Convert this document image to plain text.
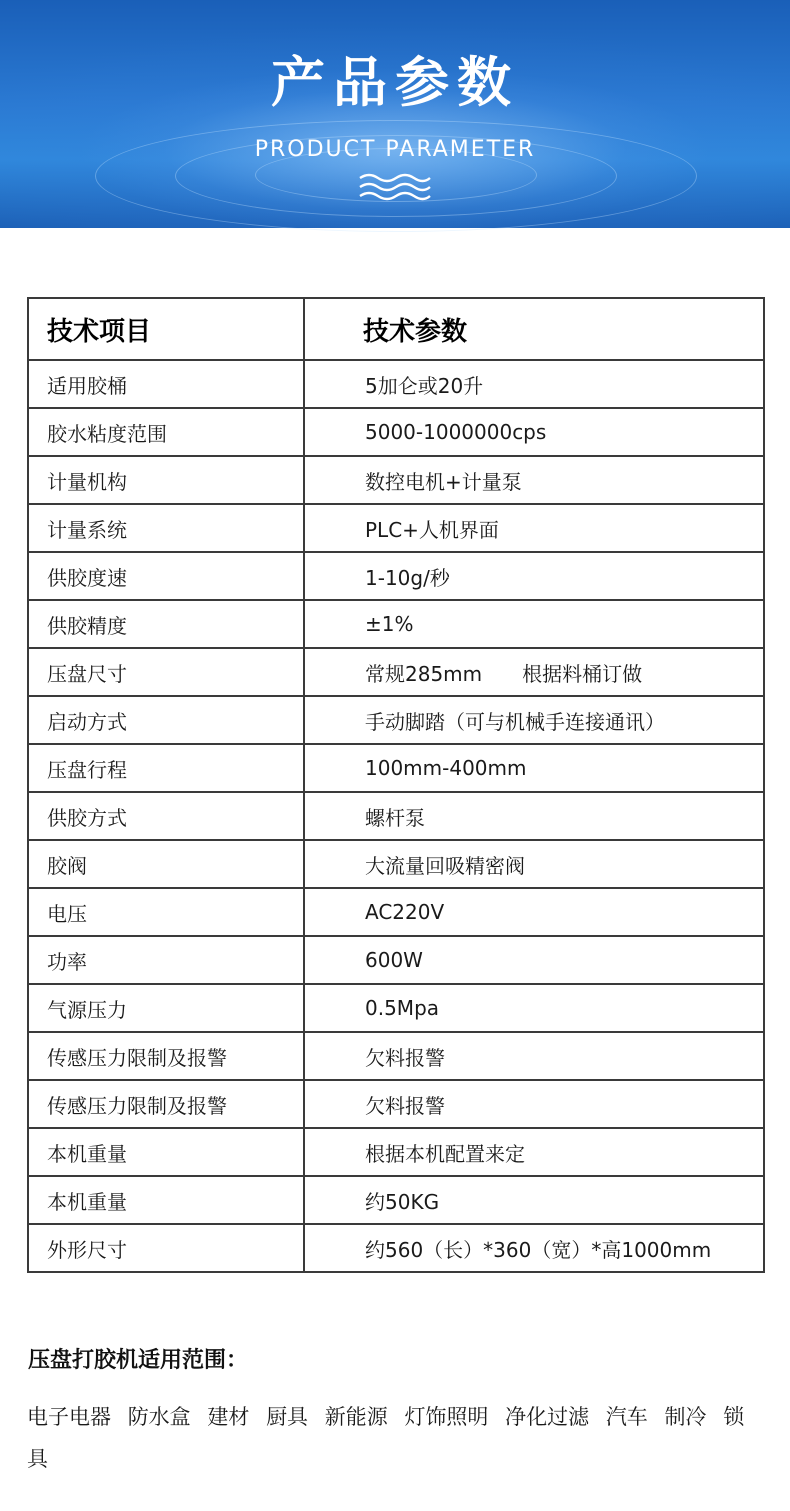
产品参数
PRODUCT PARAMETER
技术项目	技术参数
适用胶桶	5加仑或20升
胶水粘度范围	5000-1000000cps
计量机构	数控电机+计量泵
计量系统	PLC+人机界面
供胶度速	1-10g/秒
供胶精度	±1%
压盘尺寸	常规285mm　　根据料桶订做
启动方式	手动脚踏（可与机械手连接通讯）
压盘行程	100mm-400mm
供胶方式	螺杆泵
胶阀	大流量回吸精密阀
电压	AC220V
功率	600W
气源压力	0.5Mpa
传感压力限制及报警	欠料报警
传感压力限制及报警	欠料报警
本机重量	根据本机配置来定
本机重量	约50KG
外形尺寸	约560（长）*360（宽）*高1000mm
压盘打胶机适用范围：
电子电器 防水盒 建材 厨具 新能源 灯饰照明 净化过滤 汽车 制冷 锁具
